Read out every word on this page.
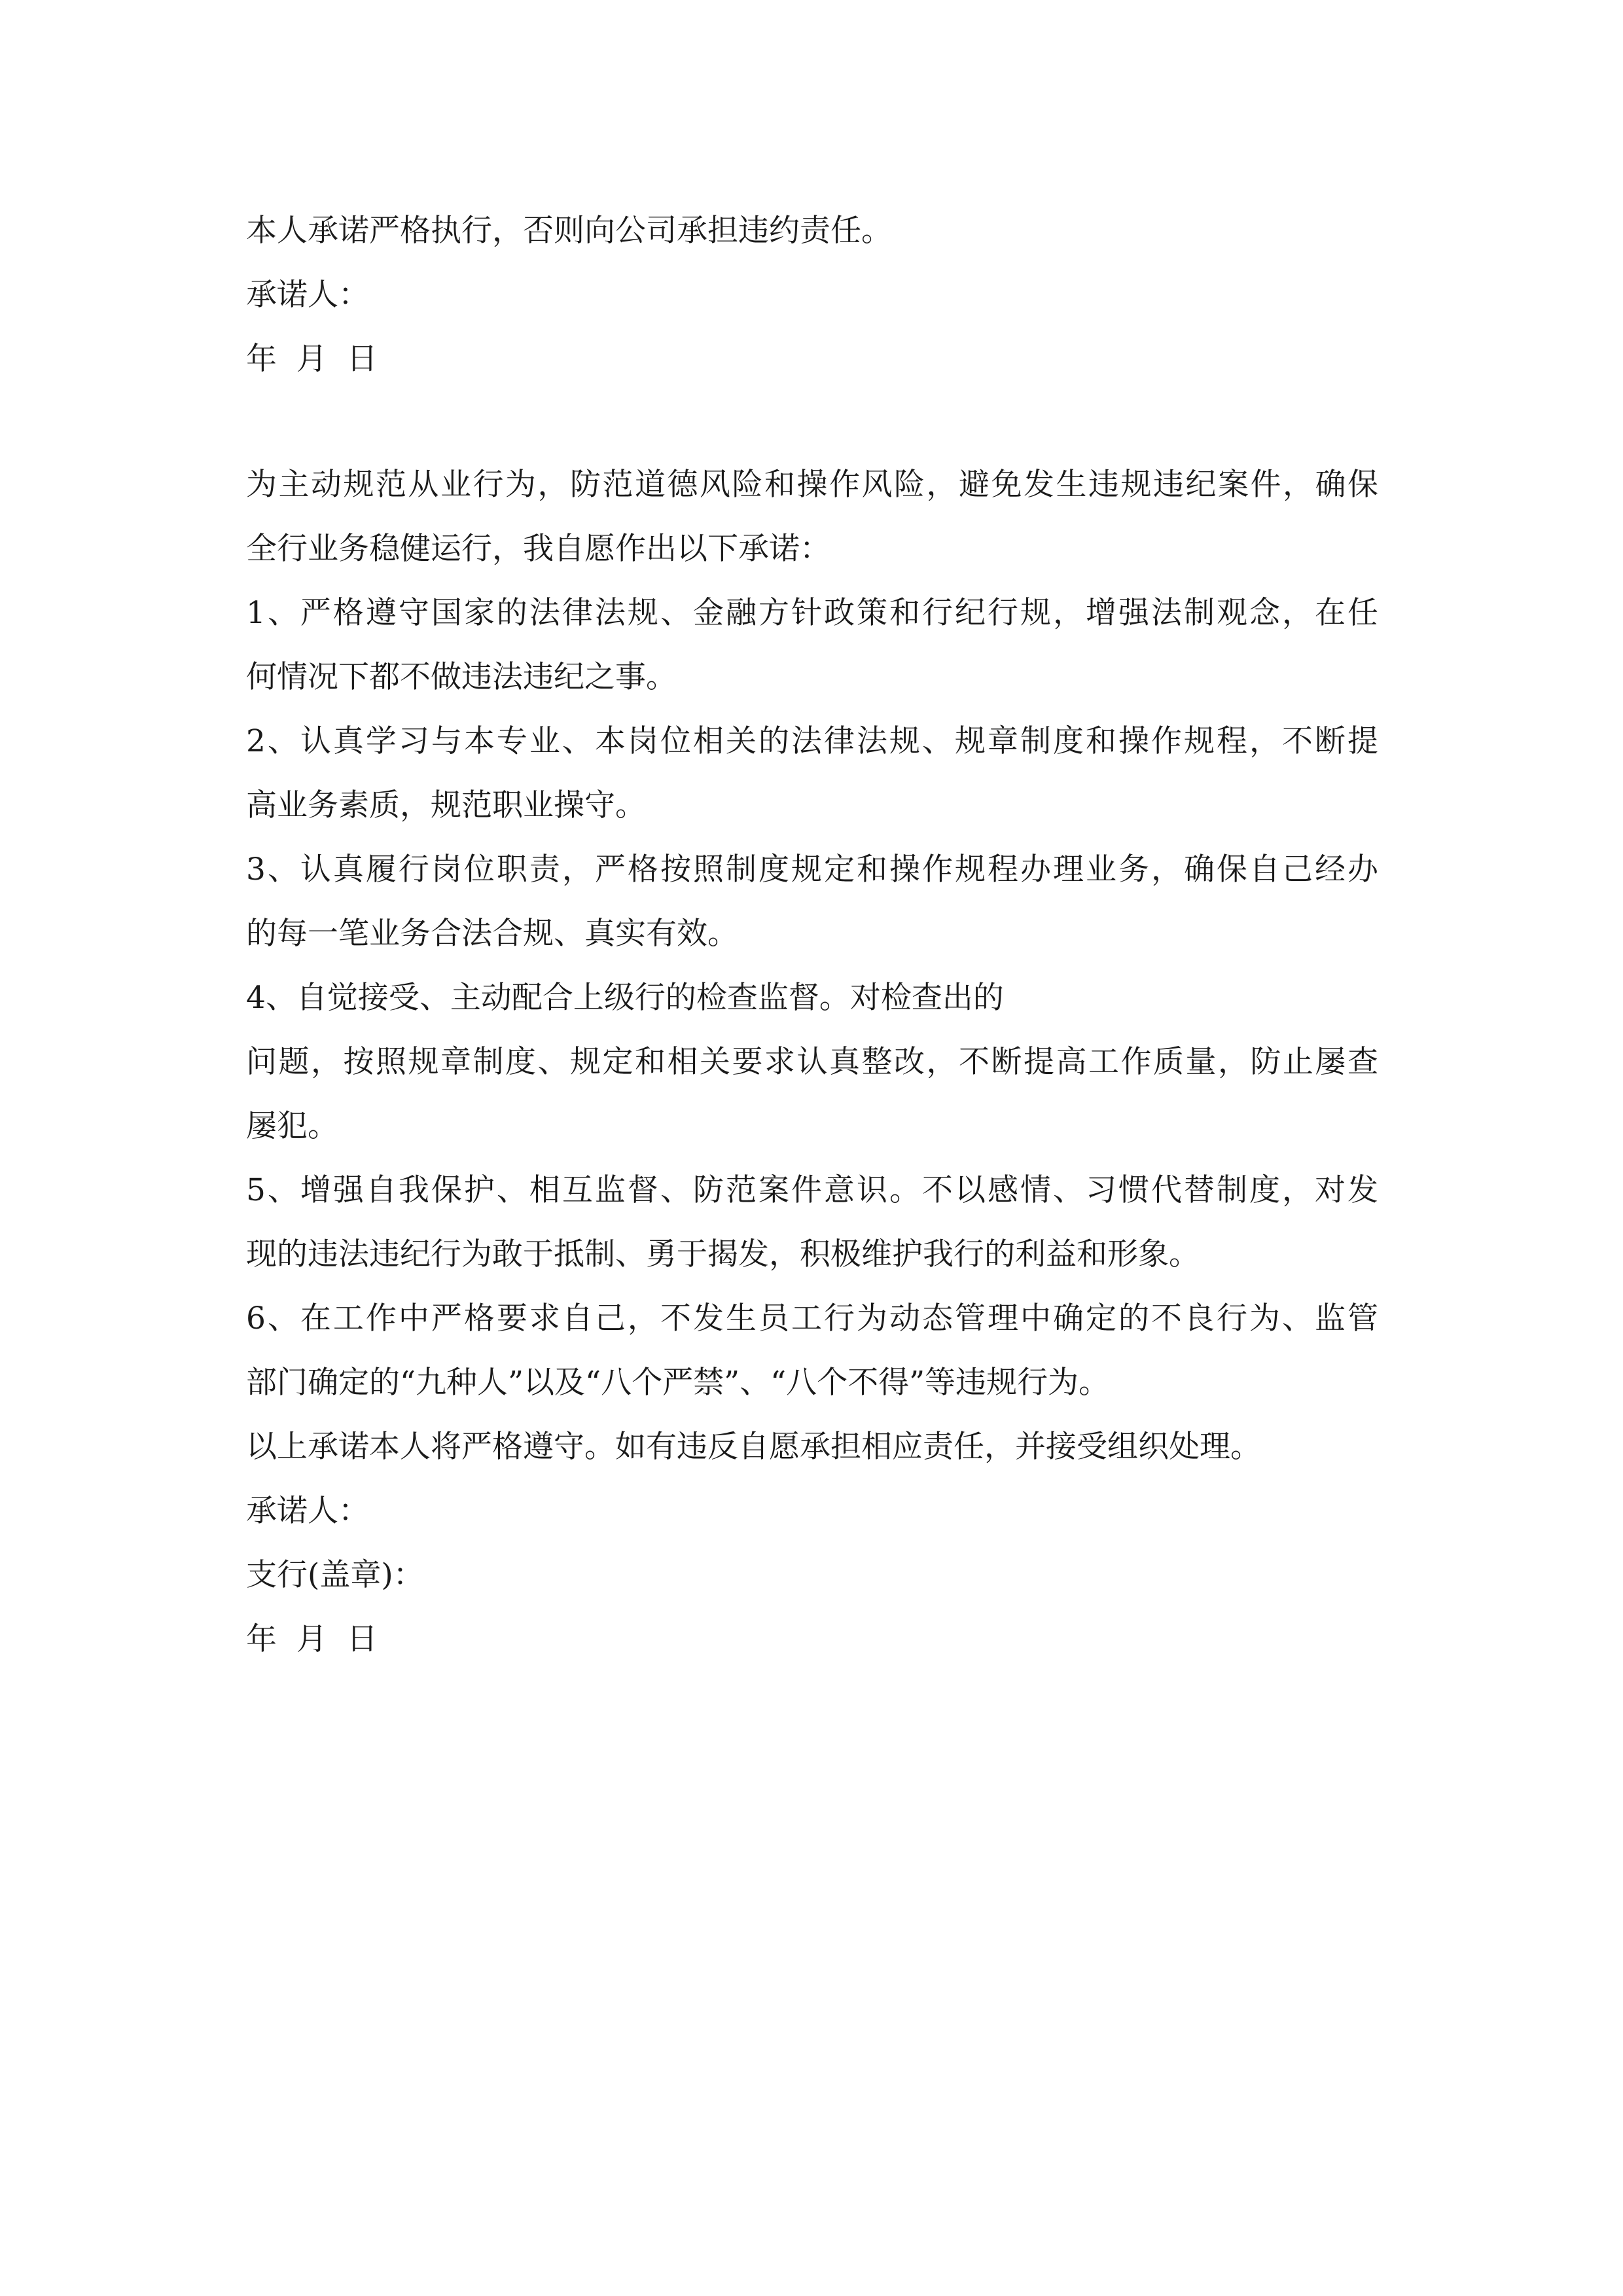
本人承诺严格执行，否则向公司承担违约责任。
承诺人：
年  月  日
为主动规范从业行为，防范道德风险和操作风险，避免发生违规违纪案件，确保
全行业务稳健运行，我自愿作出以下承诺：
1、严格遵守国家的法律法规、金融方针政策和行纪行规，增强法制观念，在任
何情况下都不做违法违纪之事。
2、认真学习与本专业、本岗位相关的法律法规、规章制度和操作规程，不断提
高业务素质，规范职业操守。
3、认真履行岗位职责，严格按照制度规定和操作规程办理业务，确保自己经办
的每一笔业务合法合规、真实有效。
4、自觉接受、主动配合上级行的检查监督。对检查出的
问题，按照规章制度、规定和相关要求认真整改，不断提高工作质量，防止屡查
屡犯。
5、增强自我保护、相互监督、防范案件意识。不以感情、习惯代替制度，对发
现的违法违纪行为敢于抵制、勇于揭发，积极维护我行的利益和形象。
6、在工作中严格要求自己，不发生员工行为动态管理中确定的不良行为、监管
部门确定的“九种人”以及“八个严禁”、“八个不得”等违规行为。
以上承诺本人将严格遵守。如有违反自愿承担相应责任，并接受组织处理。
承诺人：
支行(盖章)：
年  月  日
